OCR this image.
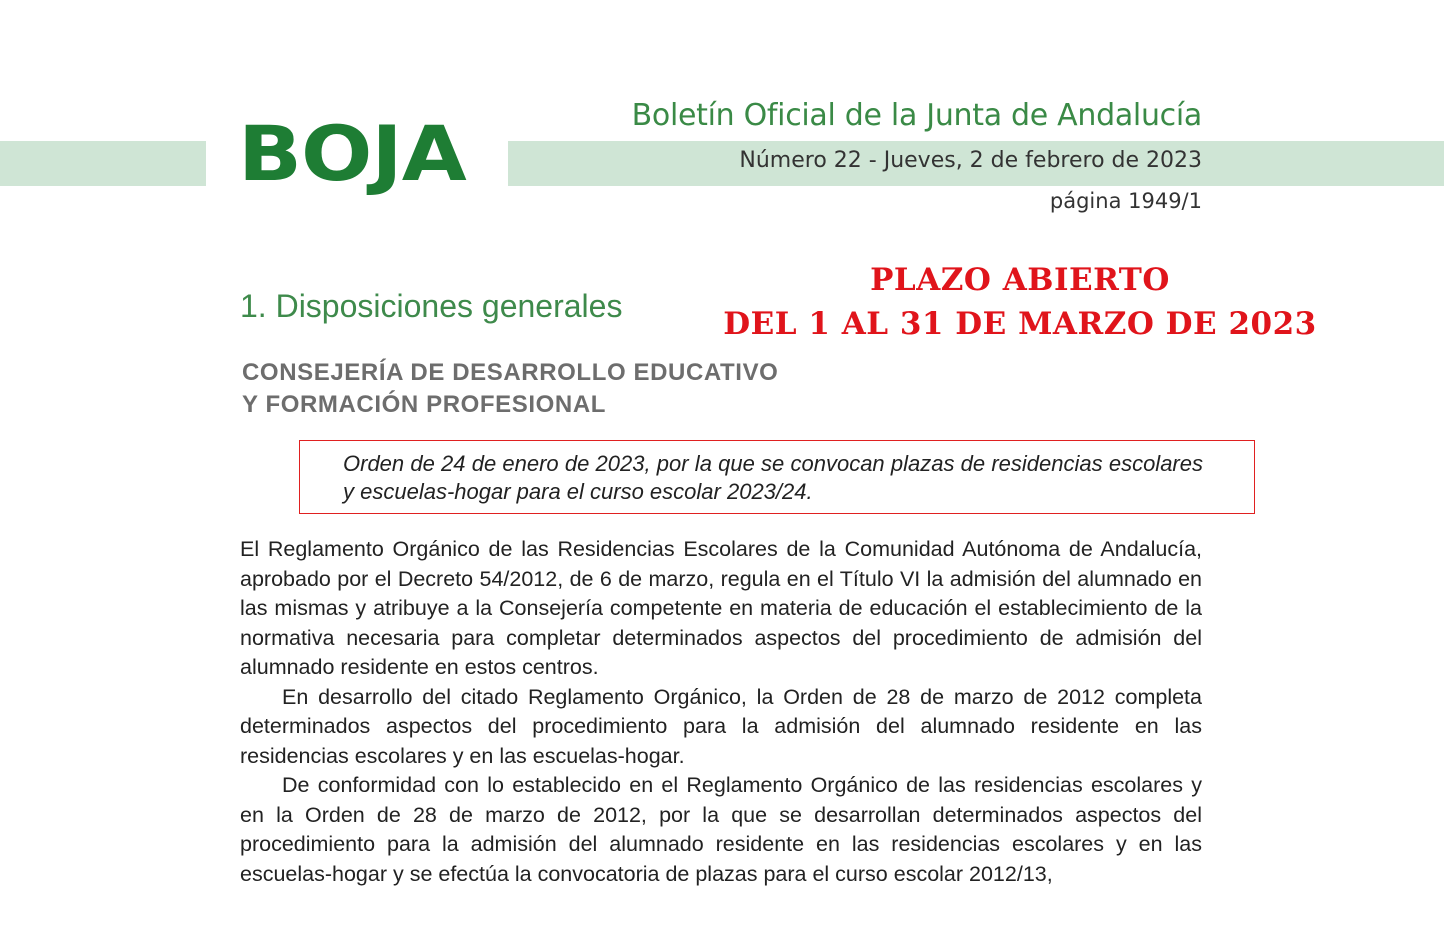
BOJA	Boletín Oficial de la Junta de Andalucía
Número 22 - Jueves, 2 de febrero de 2023
página 1949/1
1. Disposiciones generales
PLAZO ABIERTO
DEL 1 AL 31 DE MARZO DE 2023
CONSEJERÍA DE DESARROLLO EDUCATIVO
Y FORMACIÓN PROFESIONAL
Orden de 24 de enero de 2023, por la que se convocan plazas de residencias escolares y escuelas-hogar para el curso escolar 2023/24.

El Reglamento Orgánico de las Residencias Escolares de la Comunidad Autónoma de Andalucía, aprobado por el Decreto 54/2012, de 6 de marzo, regula en el Título VI la admisión del alumnado en las mismas y atribuye a la Consejería competente en materia de educación el establecimiento de la normativa necesaria para completar determinados aspectos del procedimiento de admisión del alumnado residente en estos centros.

En desarrollo del citado Reglamento Orgánico, la Orden de 28 de marzo de 2012 completa determinados aspectos del procedimiento para la admisión del alumnado residente en las residencias escolares y en las escuelas-hogar.

De conformidad con lo establecido en el Reglamento Orgánico de las residencias escolares y en la Orden de 28 de marzo de 2012, por la que se desarrollan determinados aspectos del procedimiento para la admisión del alumnado residente en las residencias escolares y en las escuelas-hogar y se efectúa la convocatoria de plazas para el curso escolar 2012/13,
